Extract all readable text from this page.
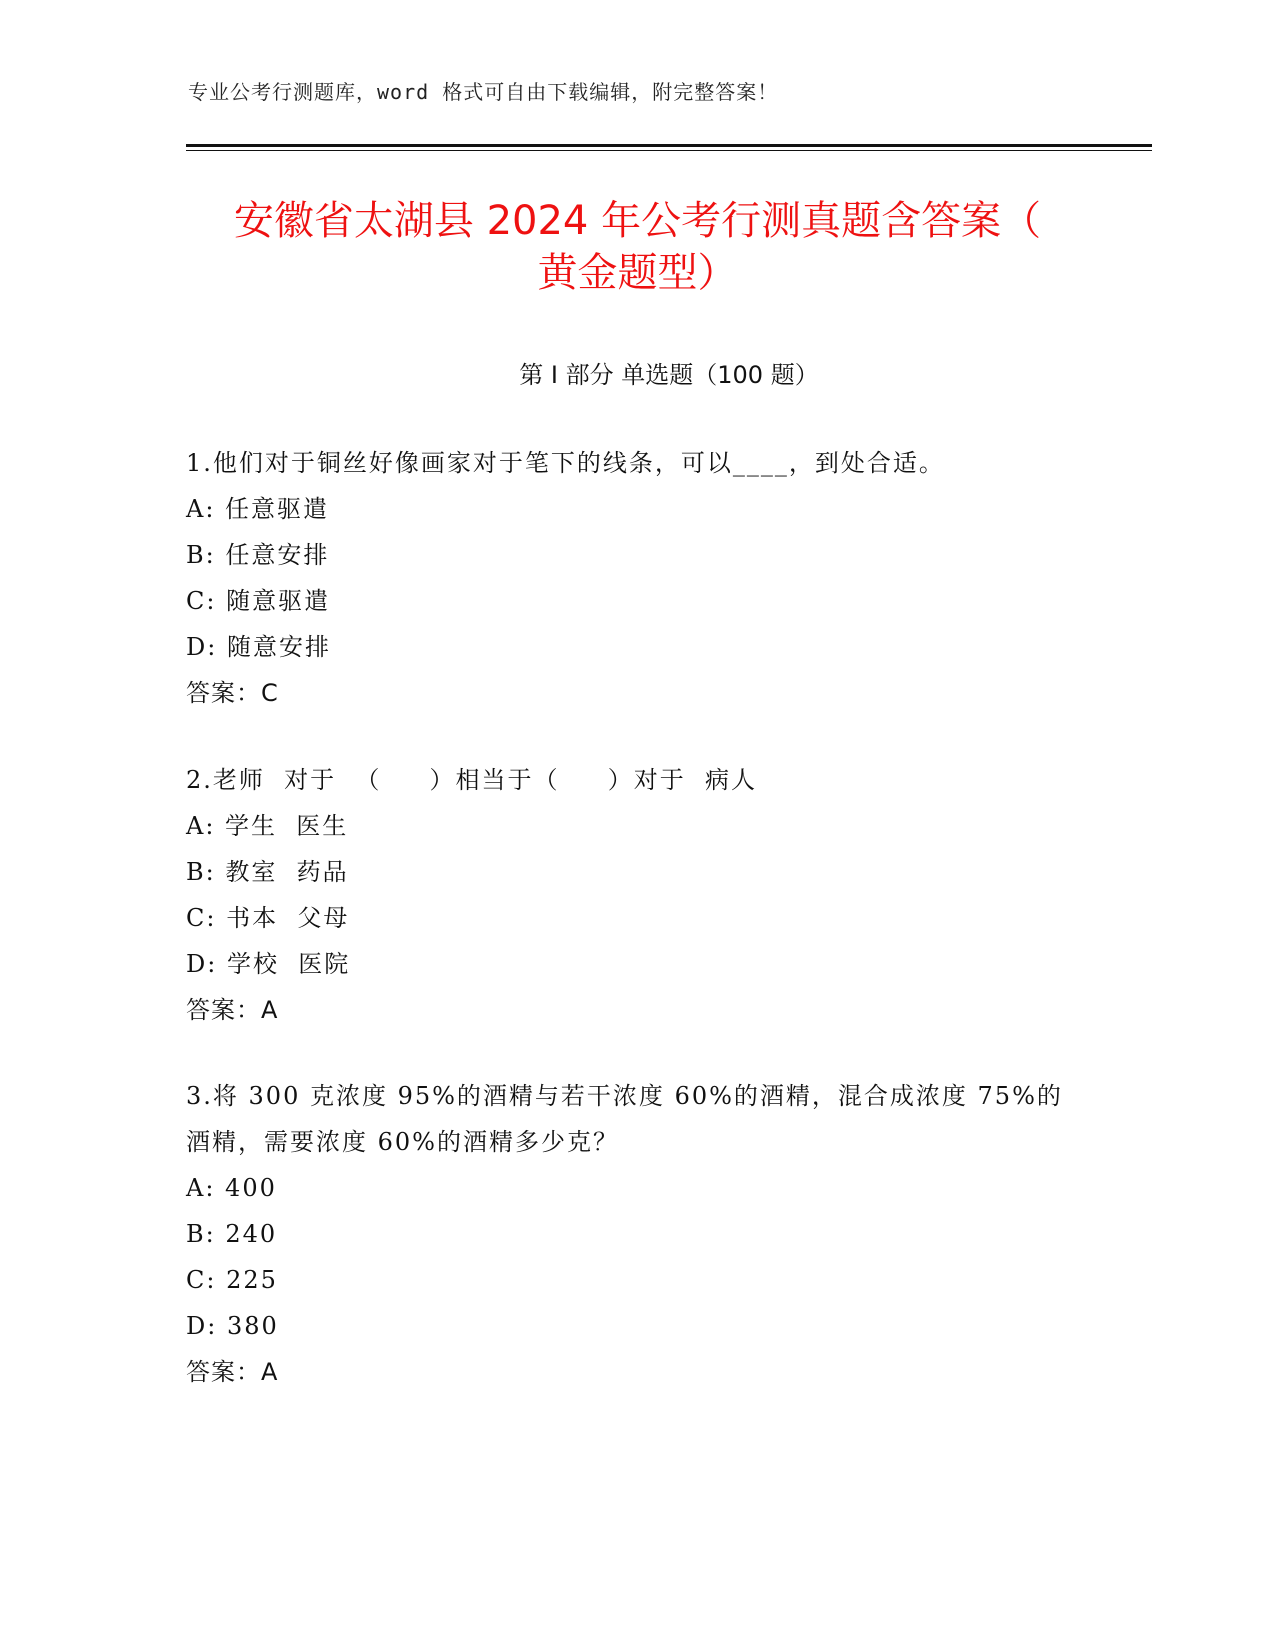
专业公考行测题库，word 格式可自由下载编辑，附完整答案！
安徽省太湖县 2024 年公考行测真题含答案（
黄金题型）
第 I 部分 单选题（100 题）
1.他们对于铜丝好像画家对于笔下的线条，可以____，到处合适。
A: 任意驱遣
B: 任意安排
C: 随意驱遣
D: 随意安排
答案：C
2.老师  对于  （     ）相当于（     ）对于  病人
A: 学生  医生
B: 教室  药品
C: 书本  父母
D: 学校  医院
答案：A
3.将 300 克浓度 95%的酒精与若干浓度 60%的酒精，混合成浓度 75%的酒精，需要浓度 60%的酒精多少克？
A: 400
B: 240
C: 225
D: 380
答案：A
